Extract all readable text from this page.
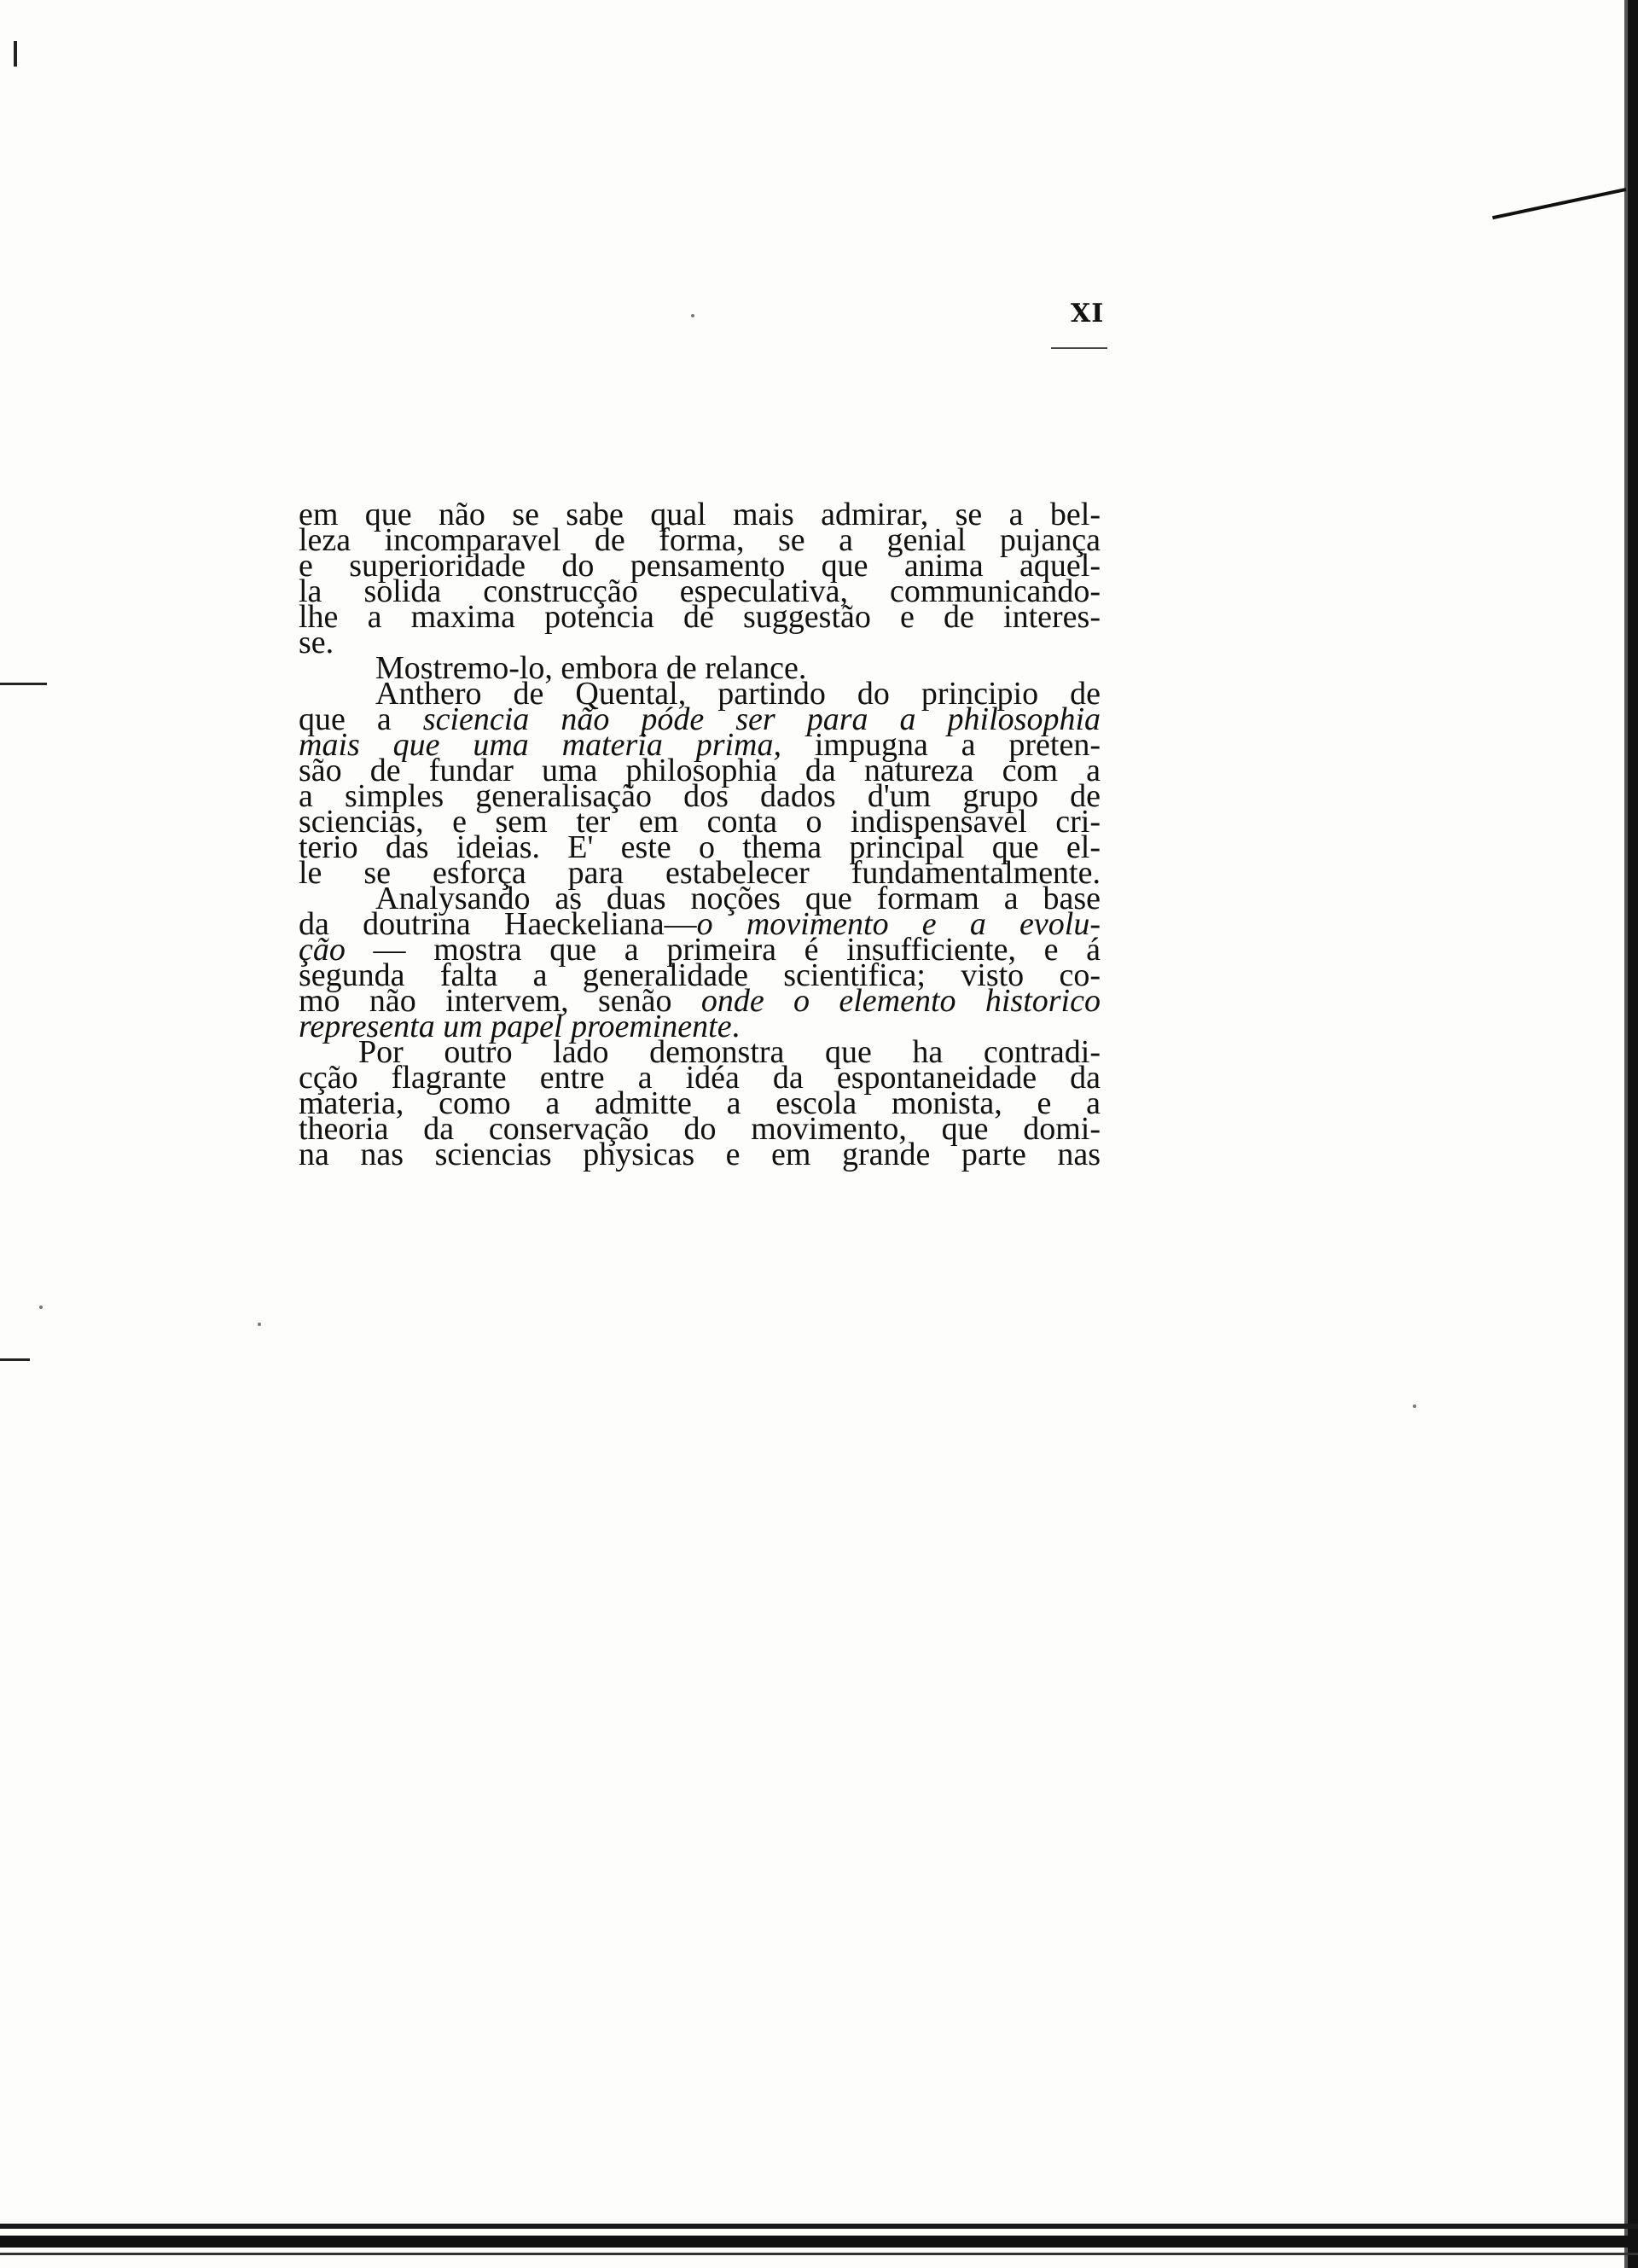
XI
em que não se sabe qual mais admirar, se a bel-
leza incomparavel de forma, se a genial pujança
e superioridade do pensamento que anima aquel-
la solida construcção especulativa, communicando-
lhe a maxima potencia de suggestão e de interes-
se.
Mostremo-lo, embora de relance.
Anthero de Quental, partindo do principio de
que a sciencia não póde ser para a philosophia
mais que uma materia prima, impugna a preten-
são de fundar uma philosophia da natureza com a
a simples generalisação dos dados d'um grupo de
sciencias, e sem ter em conta o indispensavel cri-
terio das ideias. E' este o thema principal que el-
le se esforça para estabelecer fundamentalmente.
Analysando as duas noções que formam a base
da doutrina Haeckeliana—o movimento e a evolu-
ção — mostra que a primeira é insufficiente, e á
segunda falta a generalidade scientifica; visto co-
mo não intervem, senão onde o elemento historico
representa um papel proeminente.
Por outro lado demonstra que ha contradi-
cção flagrante entre a idéa da espontaneidade da
materia, como a admitte a escola monista, e a
theoria da conservação do movimento, que domi-
na nas sciencias physicas e em grande parte nas
